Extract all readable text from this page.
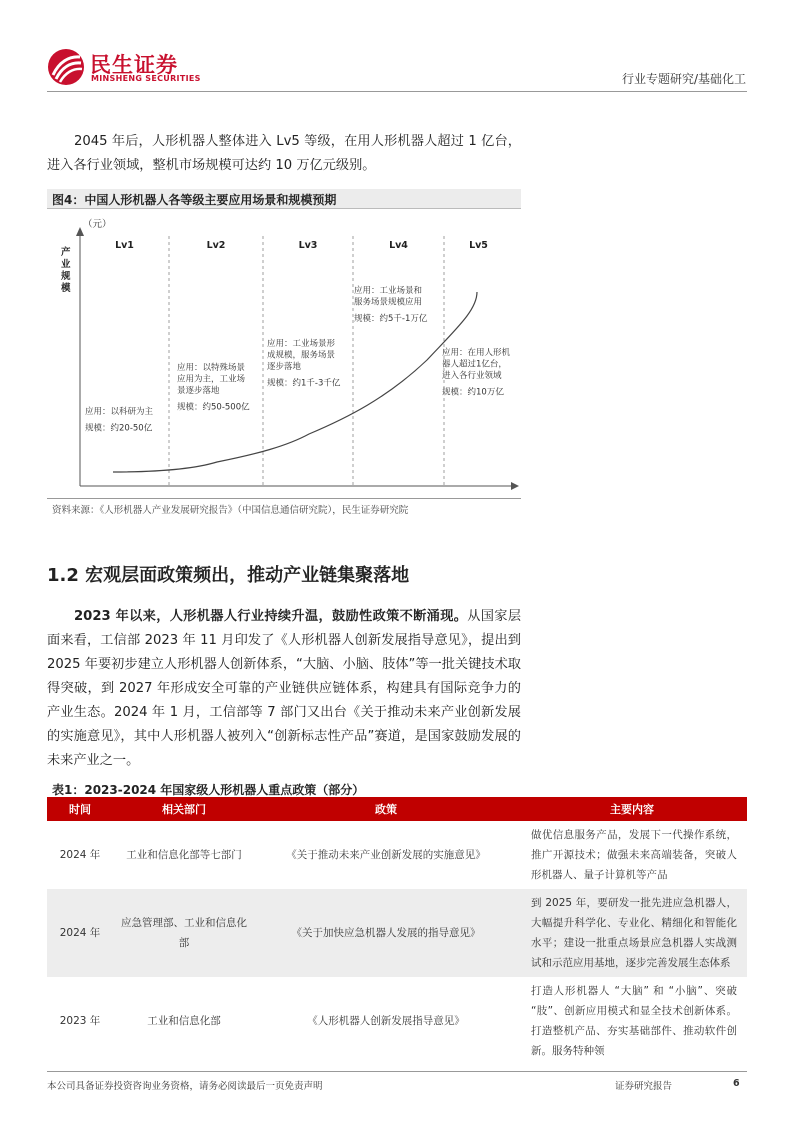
民生证券
MINSHENG SECURITIES	行业专题研究/基础化工
2045 年后，人形机器人整体进入 Lv5 等级，在用人形机器人超过 1 亿台，进入各行业领域，整机市场规模可达约 10 万亿元级别。
图4：中国人形机器人各等级主要应用场景和规模预期
（元）
产
业
规
模
Lv1	Lv2	Lv3	Lv4	Lv5
应用：以科研为主
规模：约20-50亿
应用：以特殊场景
应用为主，工业场
景逐步落地
规模：约50-500亿
应用：工业场景形
成规模，服务场景
逐步落地
规模：约1千-3千亿
应用：工业场景和
服务场景规模应用
规模：约5千-1万亿
应用：在用人形机
器人超过1亿台，
进入各行业领域
规模：约10万亿
资料来源：《人形机器人产业发展研究报告》（中国信息通信研究院），民生证券研究院
1.2 宏观层面政策频出，推动产业链集聚落地
2023 年以来，人形机器人行业持续升温，鼓励性政策不断涌现。从国家层面来看，工信部 2023 年 11 月印发了《人形机器人创新发展指导意见》，提出到 2025 年要初步建立人形机器人创新体系，“大脑、小脑、肢体”等一批关键技术取得突破，到 2027 年形成安全可靠的产业链供应链体系，构建具有国际竞争力的产业生态。2024 年 1 月，工信部等 7 部门又出台《关于推动未来产业创新发展的实施意见》，其中人形机器人被列入“创新标志性产品”赛道，是国家鼓励发展的未来产业之一。
表1：2023-2024 年国家级人形机器人重点政策（部分）
时间	相关部门	政策	主要内容
2024 年	工业和信息化部等七部门	《关于推动未来产业创新发展的实施意见》	做优信息服务产品，发展下一代操作系统，推广开源技术；做强未来高端装备，突破人形机器人、量子计算机等产品
2024 年	应急管理部、工业和信息化部	《关于加快应急机器人发展的指导意见》	到 2025 年，要研发一批先进应急机器人，大幅提升科学化、专业化、精细化和智能化水平；建设一批重点场景应急机器人实战测试和示范应用基地，逐步完善发展生态体系
2023 年	工业和信息化部	《人形机器人创新发展指导意见》	打造人形机器人 “大脑” 和 “小脑”、突破 “肢”、创新应用模式和显全技术创新体系。打造整机产品、夯实基础部件、推动软件创新。服务特种领
本公司具备证券投资咨询业务资格，请务必阅读最后一页免责声明	证券研究报告	6
